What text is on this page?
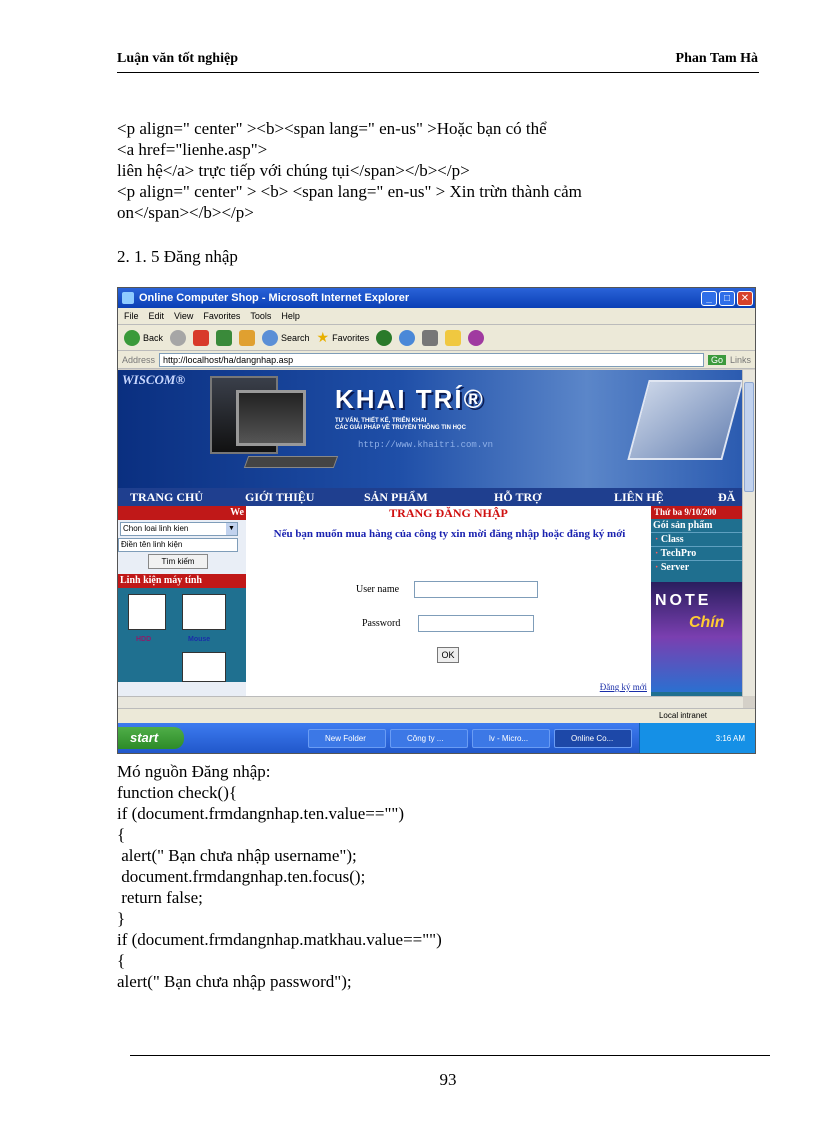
Luận văn tốt nghiệp	Phan Tam Hà
<p align=" center" ><b><span lang=" en-us" >Hoặc bạn có thể
<a href="lienhe.asp">
liên hệ</a> trực tiếp với chúng tụi</span></b></p>
<p align=" center" > <b> <span lang=" en-us" > Xin trừn thành cảm
on</span></b></p>
2. 1. 5 Đăng nhập
Online Computer Shop - Microsoft Internet Explorer	_	□	✕
File Edit View Favorites Tools Help
Back	Search ★ Favorites
Address http://localhost/ha/dangnhap.asp	Go Links
WISCOM®
KHAI TRÍ®
TƯ VẤN, THIẾT KẾ, TRIỂN KHAI
CÁC GIẢI PHÁP VỀ TRUYỀN THÔNG TIN HỌC
http://www.khaitri.com.vn
TRANG CHỦ	GIỚI THIỆU	SẢN PHẨM	HỖ TRỢ	LIÊN HỆ	ĐĂ
We
Chon loai linh kien	▼
Điền tên linh kiện
Tìm kiếm
Linh kiện máy tính
HDD	Mouse
TRANG ĐĂNG NHẬP
Nếu bạn muốn mua hàng của công ty xin mời đăng nhập hoặc đăng ký mới
User name
Password
OK
Đăng ký mới
Thứ ba 9/10/200
Gói sản phẩm
· Class
· TechPro
· Server
NOTE
Chín
Local intranet
start	New Folder	Công ty ...	lv - Micro...	Online Co...	3:16 AM
Mó nguồn Đăng nhập:
function check(){
if (document.frmdangnhap.ten.value=="")
{
alert(" Bạn chưa nhập username");
document.frmdangnhap.ten.focus();
return false;
}
if (document.frmdangnhap.matkhau.value=="")
{
alert(" Bạn chưa nhập password");
93
